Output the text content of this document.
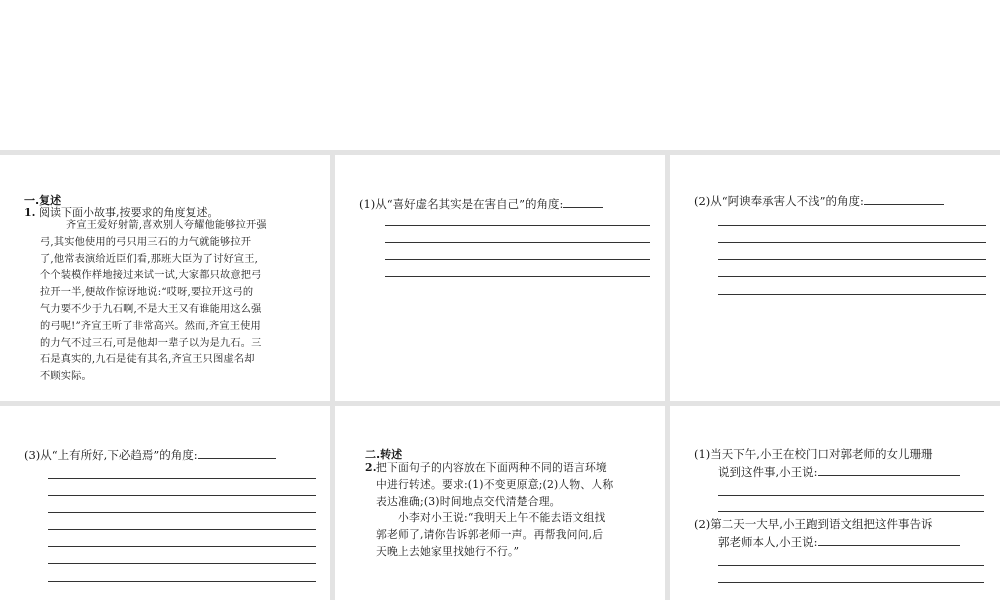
一.复述
1. 阅读下面小故事,按要求的角度复述。
齐宣王爱好射箭,喜欢别人夸耀他能够拉开强
弓,其实他使用的弓只用三石的力气就能够拉开
了,他常表演给近臣们看,那班大臣为了讨好宣王,
个个装模作样地接过来试一试,大家都只故意把弓
拉开一半,便故作惊讶地说:“哎呀,要拉开这弓的
气力要不少于九石啊,不是大王又有谁能用这么强
的弓呢!”齐宣王听了非常高兴。然而,齐宣王使用
的力气不过三石,可是他却一辈子以为是九石。三
石是真实的,九石是徒有其名,齐宣王只图虚名却
不顾实际。
(1)从“喜好虚名其实是在害自己”的角度:	(2)从“阿谀奉承害人不浅”的角度:
(3)从“上有所好,下必趋焉”的角度:	二.转述
2. 把下面句子的内容放在下面两种不同的语言环境
中进行转述。要求:(1)不变更原意;(2)人物、人称
表达准确;(3)时间地点交代清楚合理。
小李对小王说:“我明天上午不能去语文组找
郭老师了,请你告诉郭老师一声。再帮我问问,后
天晚上去她家里找她行不行。”
(1)当天下午,小王在校门口对郭老师的女儿珊珊
说到这件事,小王说:
(2)第二天一大早,小王跑到语文组把这件事告诉
郭老师本人,小王说:
